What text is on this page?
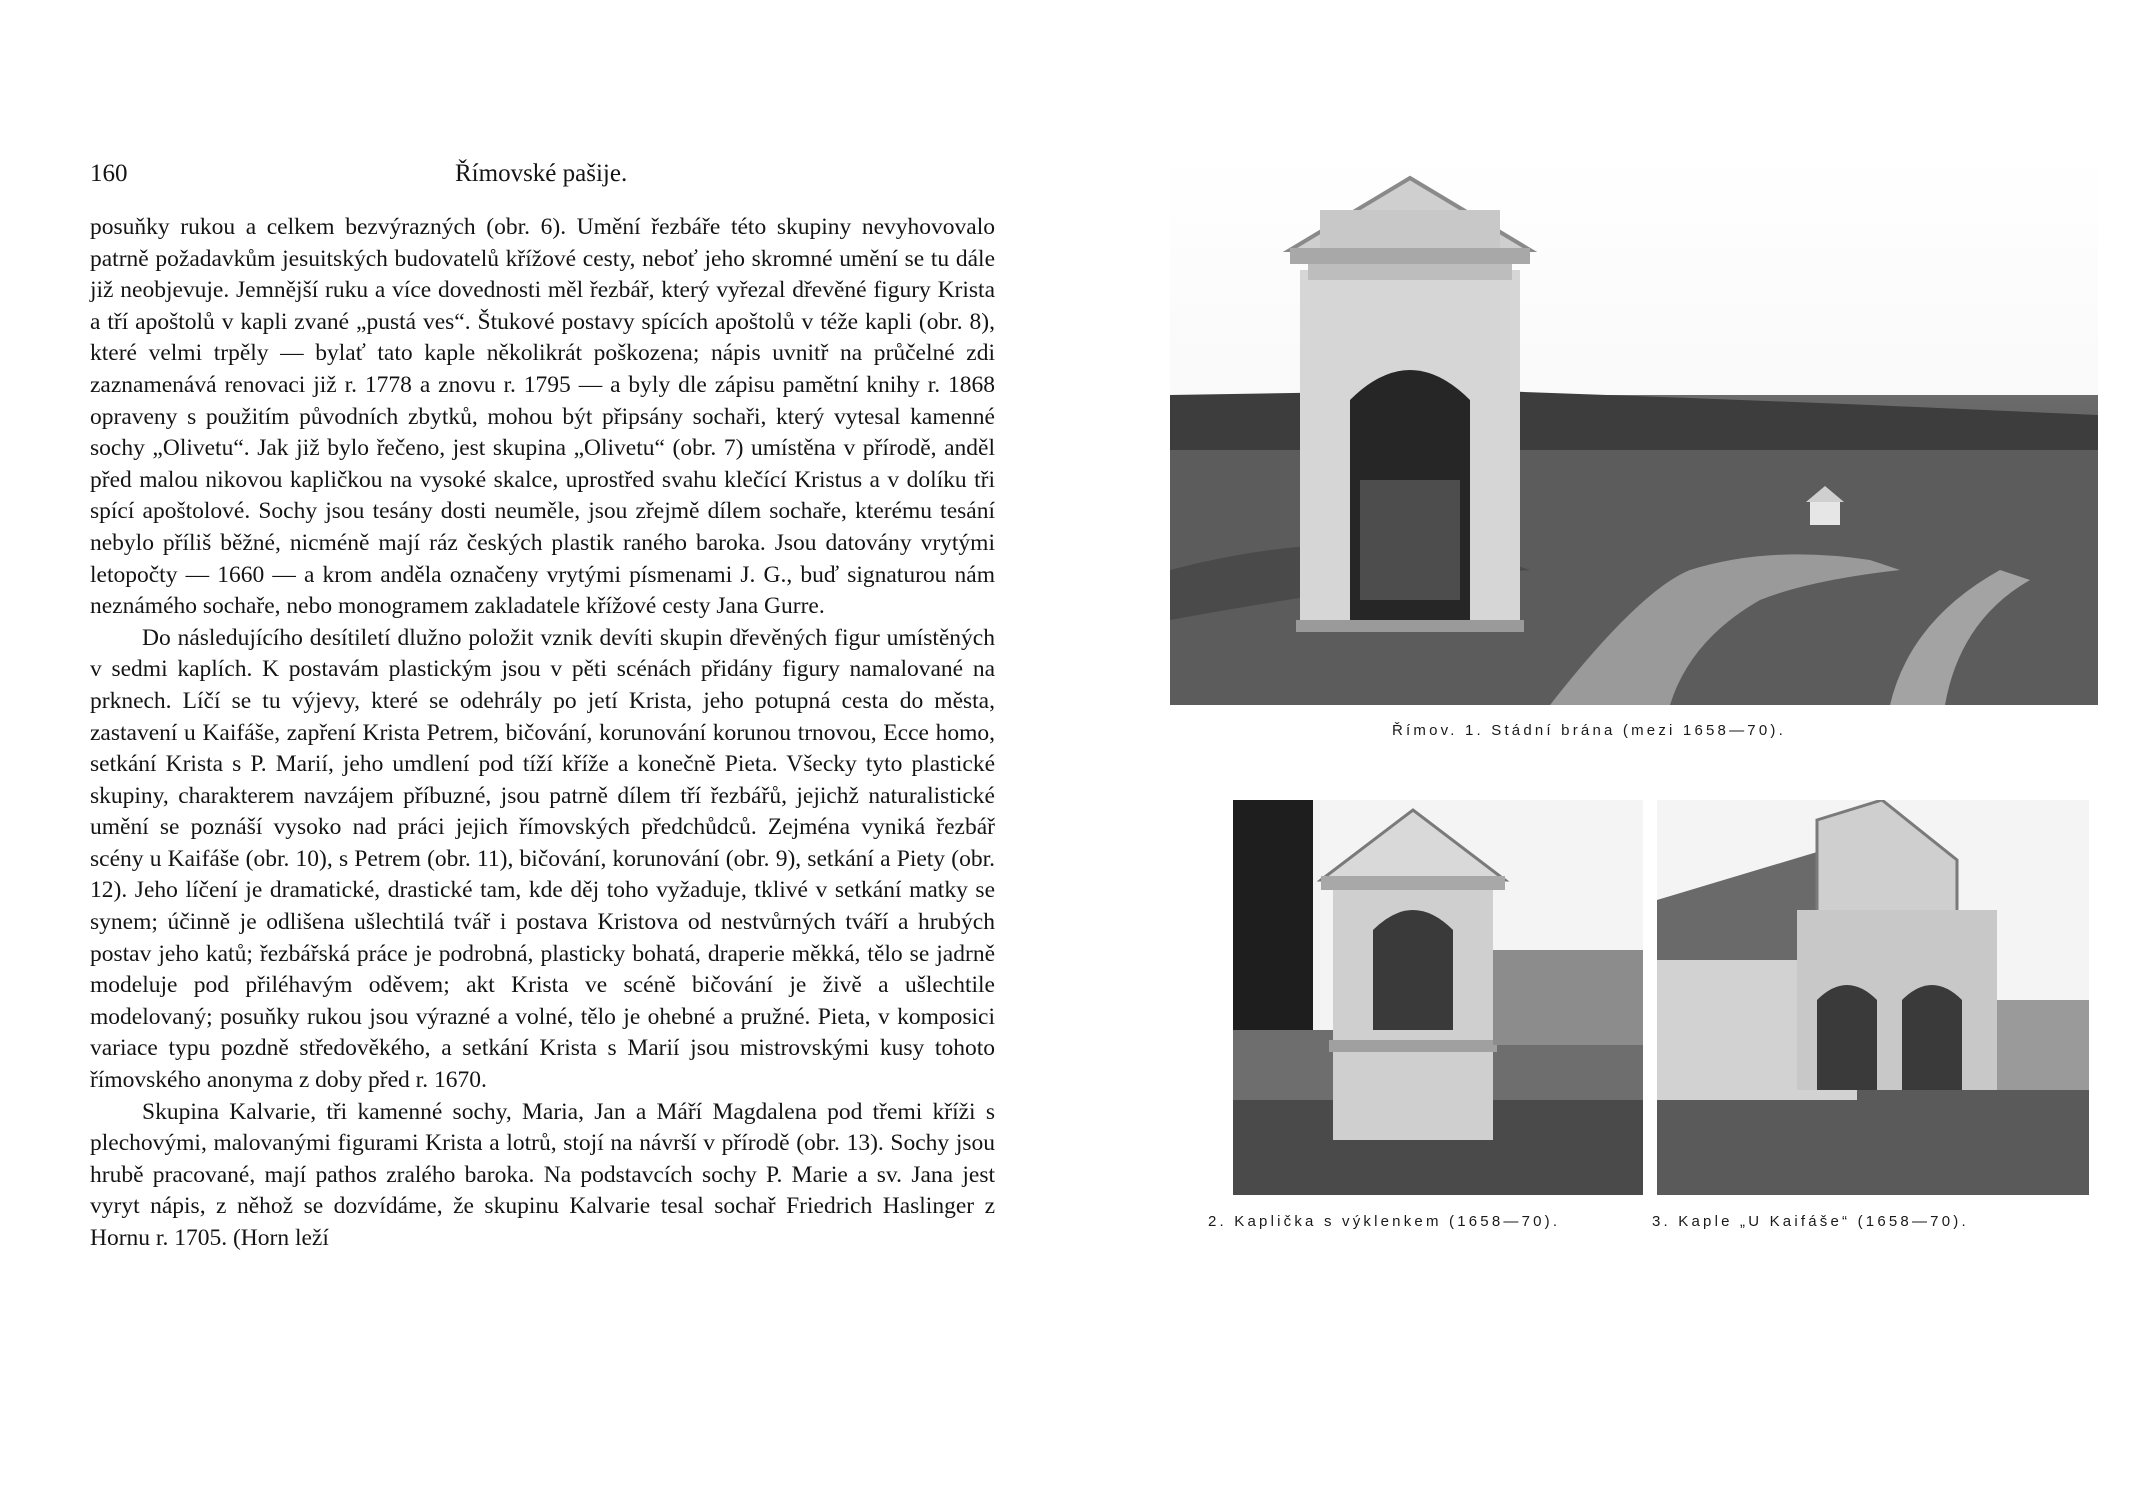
160	Římovské pašije.

posuňky rukou a celkem bezvýrazných (obr. 6). Umění řezbáře této skupiny nevyhovovalo patrně požadavkům jesuitských budovatelů křížové cesty, neboť jeho skromné umění se tu dále již neobjevuje. Jemnější ruku a více dovednosti měl řezbář, který vyřezal dřevěné figury Krista a tří apoštolů v kapli zvané „pustá ves“. Štukové postavy spících apoštolů v téže kapli (obr. 8), které velmi trpěly — bylať tato kaple několikrát poškozena; nápis uvnitř na průčelné zdi zaznamenává renovaci již r. 1778 a znovu r. 1795 — a byly dle zápisu pamětní knihy r. 1868 opraveny s použitím původních zbytků, mohou být připsány sochaři, který vytesal kamenné sochy „Olivetu“. Jak již bylo řečeno, jest skupina „Olivetu“ (obr. 7) umístěna v přírodě, anděl před malou nikovou kapličkou na vysoké skalce, uprostřed svahu klečící Kristus a v dolíku tři spící apoštolové. Sochy jsou tesány dosti neuměle, jsou zřejmě dílem sochaře, kterému tesání nebylo příliš běžné, nicméně mají ráz českých plastik raného baroka. Jsou datovány vrytými letopočty — 1660 — a krom anděla označeny vrytými písmenami J. G., buď signaturou nám neznámého sochaře, nebo monogramem zakladatele křížové cesty Jana Gurre.

Do následujícího desítiletí dlužno položit vznik devíti skupin dřevěných figur umístěných v sedmi kaplích. K postavám plastickým jsou v pěti scénách přidány figury namalované na prknech. Líčí se tu výjevy, které se odehrály po jetí Krista, jeho potupná cesta do města, zastavení u Kaifáše, zapření Krista Petrem, bičování, korunování korunou trnovou, Ecce homo, setkání Krista s P. Marií, jeho umdlení pod tíží kříže a konečně Pieta. Všecky tyto plastické skupiny, charakterem navzájem příbuzné, jsou patrně dílem tří řezbářů, jejichž naturalistické umění se poznáší vysoko nad práci jejich římovských předchůdců. Zejména vyniká řezbář scény u Kaifáše (obr. 10), s Petrem (obr. 11), bičování, korunování (obr. 9), setkání a Piety (obr. 12). Jeho líčení je dramatické, drastické tam, kde děj toho vyžaduje, tklivé v setkání matky se synem; účinně je odlišena ušlechtilá tvář i postava Kristova od nestvůrných tváří a hrubých postav jeho katů; řezbářská práce je podrobná, plasticky bohatá, draperie měkká, tělo se jadrně modeluje pod přiléhavým oděvem; akt Krista ve scéně bičování je živě a ušlechtile modelovaný; posuňky rukou jsou výrazné a volné, tělo je ohebné a pružné. Pieta, v komposici variace typu pozdně středověkého, a setkání Krista s Marií jsou mistrovskými kusy tohoto římovského anonyma z doby před r. 1670.

Skupina Kalvarie, tři kamenné sochy, Maria, Jan a Máří Magdalena pod třemi kříži s plechovými, malovanými figurami Krista a lotrů, stojí na návrší v přírodě (obr. 13). Sochy jsou hrubě pracované, mají pathos zralého baroka. Na podstavcích sochy P. Marie a sv. Jana jest vyryt nápis, z něhož se dozvídáme, že skupinu Kalvarie tesal sochař Friedrich Haslinger z Hornu r. 1705. (Horn leží

Římov. 1. Stádní brána (mezi 1658—70).
2. Kaplička s výklenkem (1658—70).	3. Kaple „U Kaifáše“ (1658—70).
